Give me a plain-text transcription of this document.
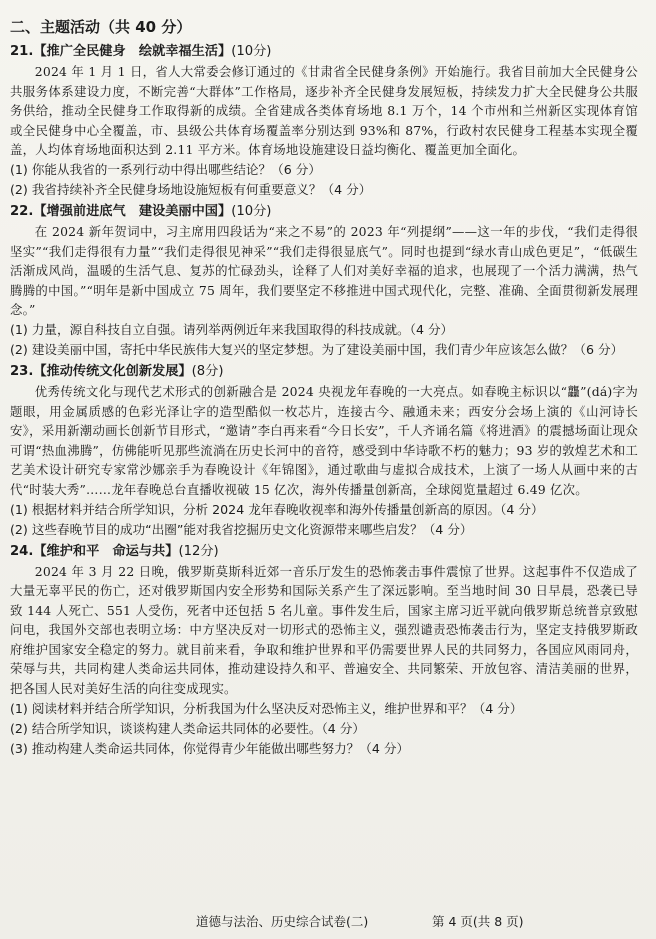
二、主题活动（共 40 分）

21.【推广全民健身　绘就幸福生活】(10分)

2024 年 1 月 1 日，省人大常委会修订通过的《甘肃省全民健身条例》开始施行。我省目前加大全民健身公共服务体系建设力度，不断完善“大群体”工作格局，逐步补齐全民健身发展短板，持续发力扩大全民健身公共服务供给，推动全民健身工作取得新的成绩。全省建成各类体育场地 8.1 万个，14 个市州和兰州新区实现体育馆或全民健身中心全覆盖，市、县级公共体育场覆盖率分别达到 93%和 87%，行政村农民健身工程基本实现全覆盖，人均体育场地面积达到 2.11 平方米。体育场地设施建设日益均衡化、覆盖更加全面化。

(1) 你能从我省的一系列行动中得出哪些结论？（6 分）

(2) 我省持续补齐全民健身场地设施短板有何重要意义？（4 分）

22.【增强前进底气　建设美丽中国】(10分)

在 2024 新年贺词中，习主席用四段话为“来之不易”的 2023 年“列提纲”——这一年的步伐，“我们走得很坚实”“我们走得很有力量”“我们走得很见神采”“我们走得很显底气”。同时也提到“绿水青山成色更足”，“低碳生活渐成风尚，温暖的生活气息、复苏的忙碌劲头，诠释了人们对美好幸福的追求，也展现了一个活力满满，热气腾腾的中国。”“明年是新中国成立 75 周年，我们要坚定不移推进中国式现代化，完整、准确、全面贯彻新发展理念。”

(1) 力量，源自科技自立自强。请列举两例近年来我国取得的科技成就。（4 分）

(2) 建设美丽中国，寄托中华民族伟大复兴的坚定梦想。为了建设美丽中国，我们青少年应该怎么做？（6 分）

23.【推动传统文化创新发展】(8分)

优秀传统文化与现代艺术形式的创新融合是 2024 央视龙年春晚的一大亮点。如春晚主标识以“龘”(dá)字为题眼，用金属质感的色彩光泽让字的造型酷似一枚芯片，连接古今、融通未来；西安分会场上演的《山河诗长安》，采用新潮动画长创新节目形式，“邀请”李白再来看“今日长安”，千人齐诵名篇《将进酒》的震撼场面让现众可谓“热血沸腾”，仿佛能听见那些流淌在历史长河中的音符，感受到中华诗歌不朽的魅力；93 岁的敦煌艺术和工艺美术设计研究专家常沙娜亲手为春晚设计《年锦图》，通过歌曲与虚拟合成技术，上演了一场人从画中来的古代“时装大秀”……龙年春晚总台直播收视破 15 亿次，海外传播量创新高，全球阅览量超过 6.49 亿次。

(1) 根据材料并结合所学知识，分析 2024 龙年春晚收视率和海外传播量创新高的原因。（4 分）

(2) 这些春晚节目的成功“出圈”能对我省挖掘历史文化资源带来哪些启发？（4 分）

24.【维护和平　命运与共】(12分)

2024 年 3 月 22 日晚，俄罗斯莫斯科近郊一音乐厅发生的恐怖袭击事件震惊了世界。这起事件不仅造成了大量无辜平民的伤亡，还对俄罗斯国内安全形势和国际关系产生了深远影响。至当地时间 30 日早晨，恐袭已导致 144 人死亡、551 人受伤，死者中还包括 5 名儿童。事件发生后，国家主席习近平就向俄罗斯总统普京致慰问电，我国外交部也表明立场：中方坚决反对一切形式的恐怖主义，强烈谴责恐怖袭击行为，坚定支持俄罗斯政府维护国家安全稳定的努力。就目前来看，争取和维护世界和平仍需要世界人民的共同努力，各国应风雨同舟，荣辱与共，共同构建人类命运共同体，推动建设持久和平、普遍安全、共同繁荣、开放包容、清洁美丽的世界，把各国人民对美好生活的向往变成现实。

(1) 阅读材料并结合所学知识，分析我国为什么坚决反对恐怖主义，维护世界和平？（4 分）

(2) 结合所学知识，谈谈构建人类命运共同体的必要性。（4 分）

(3) 推动构建人类命运共同体，你觉得青少年能做出哪些努力？（4 分）

道德与法治、历史综合试卷(二)	第 4 页(共 8 页)
